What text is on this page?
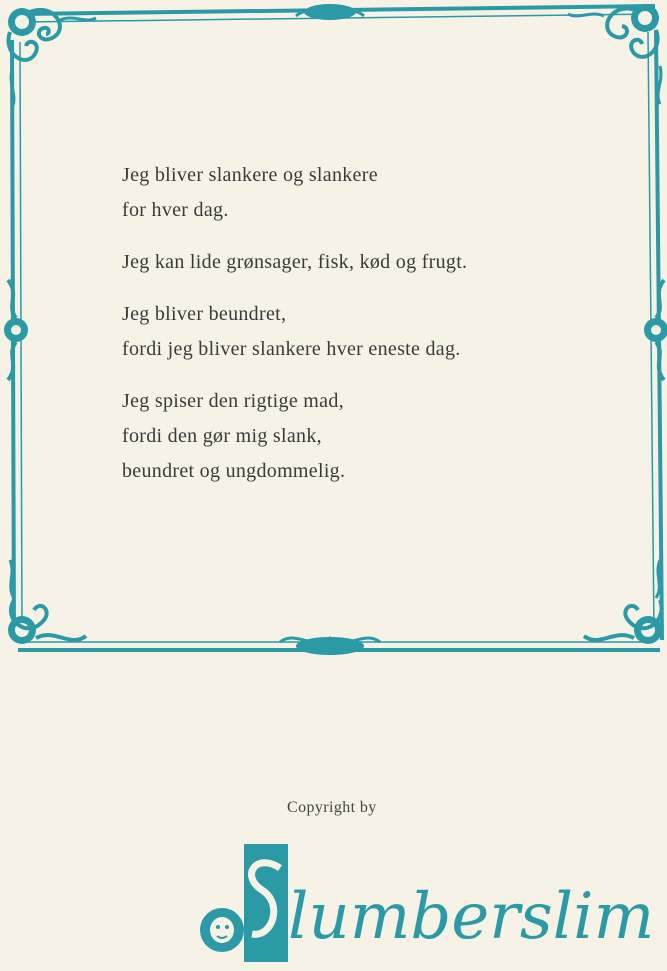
Jeg bliver slankere og slankere
for hver dag.

Jeg kan lide grønsager, fisk, kød og frugt.

Jeg bliver beundret,
fordi jeg bliver slankere hver eneste dag.

Jeg spiser den rigtige mad,
fordi den gør mig slank,
beundret og ungdommelig.

Copyright by
lumberslim
